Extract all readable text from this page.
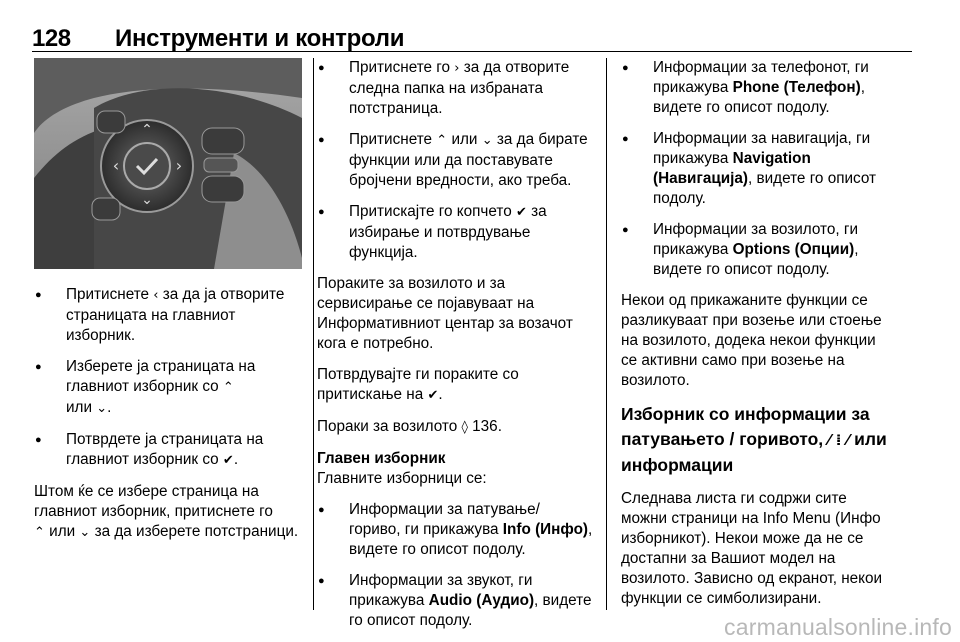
128 Инструменти и контроли
⌃
⌄
‹	›
● Притиснете ‹ за да ја отворите страницата на главниот изборник.
● Изберете ја страницата на главниот изборник со ⌃
или ⌄.
● Потврдете ја страницата на главниот изборник со ✔.
Штом ќе се избере страница на главниот изборник, притиснете го
⌃ или ⌄ за да изберете потстраници.
● Притиснете го › за да отворите следна папка на избраната потстраница.
● Притиснете ⌃ или ⌄ за да бирате функции или да поставувате бројчени вредности, ако треба.
● Притискајте го копчето ✔ за избирање и потврдување функција.
Пораките за возилото и за сервисирање се појавуваат на Информативниот центар за возачот кога е потребно.
Потврдувајте ги пораките со притискање на ✔.
Пораки за возилото ◊ 136.
Главен изборник
Главните изборници се:
● Информации за патување/ гориво, ги прикажува Info (Инфо), видете го описот подолу.
● Информации за звукот, ги прикажува Audio (Аудио), видете го описот подолу.
● Информации за телефонот, ги прикажува Phone (Телефон), видете го описот подолу.
● Информации за навигација, ги прикажува Navigation (Навигација), видете го описот подолу.
● Информации за возилото, ги прикажува Options (Опции), видете го описот подолу.
Некои од прикажаните функции се разликуваат при возење или стоење на возилото, додека некои функции се активни само при возење на возилото.
Изборник со информации за патувањето / горивото, ⁄ ⁞ ⁄ или информации
Следнава листа ги содржи сите можни страници на Info Menu (Инфо изборникот). Некои може да не се достапни за Вашиот модел на возилото. Зависно од екранот, некои функции се симболизирани.
carmanualsonline.info
